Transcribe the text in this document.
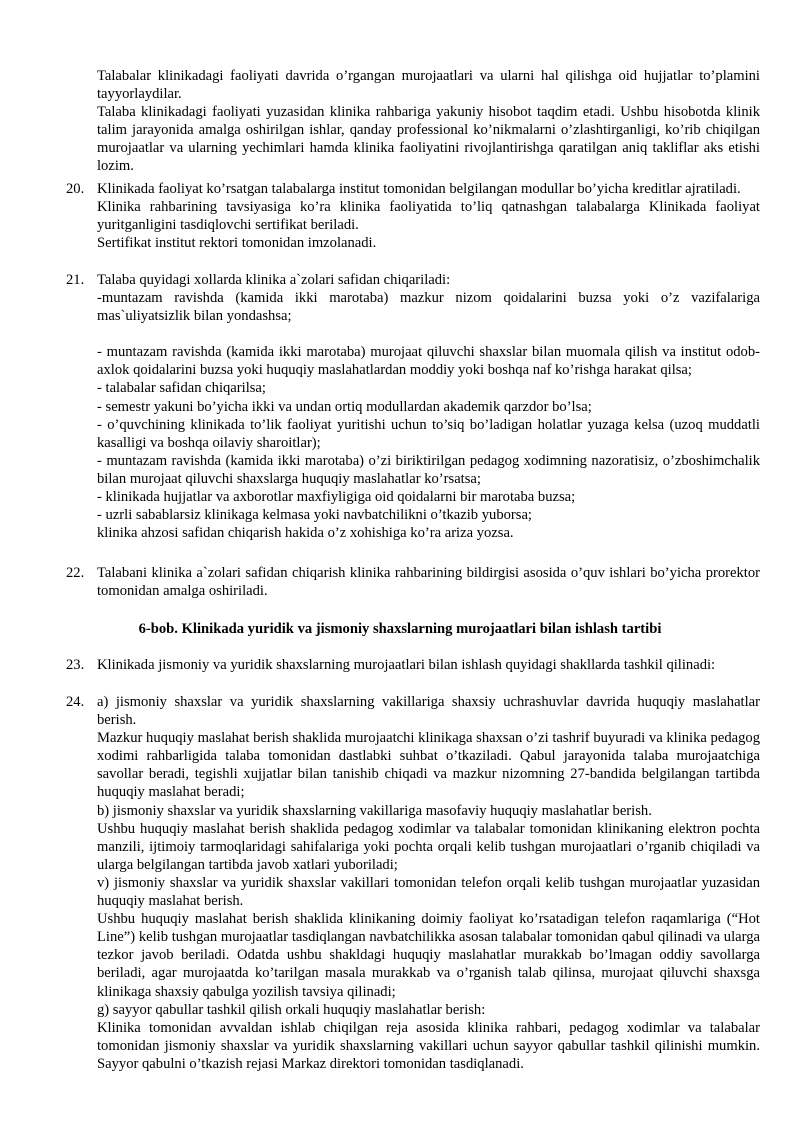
Talabalar klinikadagi faoliyati davrida o’rgangan murojaatlari va ularni hal qilishga oid hujjatlar to’plamini tayyorlaydilar.
Talaba klinikadagi faoliyati yuzasidan klinika rahbariga yakuniy hisobot taqdim etadi. Ushbu hisobotda klinik talim jarayonida amalga oshirilgan ishlar, qanday professional ko’nikmalarni o’zlashtirganligi, ko’rib chiqilgan murojaatlar va ularning yechimlari hamda klinika faoliyatini rivojlantirishga qaratilgan aniq takliflar aks etishi lozim.
20. Klinikada faoliyat ko’rsatgan talabalarga institut tomonidan belgilangan modullar bo’yicha kreditlar ajratiladi.
Klinika rahbarining tavsiyasiga ko’ra klinika faoliyatida to’liq qatnashgan talabalarga Klinikada faoliyat yuritganligini tasdiqlovchi sertifikat beriladi.
Sertifikat institut rektori tomonidan imzolanadi.
21. Talaba quyidagi xollarda klinika a`zolari safidan chiqariladi:
-muntazam ravishda (kamida ikki marotaba) mazkur nizom qoidalarini buzsa yoki o’z vazifalariga mas`uliyatsizlik bilan yondashsa;
- muntazam ravishda (kamida ikki marotaba) murojaat qiluvchi shaxslar bilan muomala qilish va institut odob-axlok qoidalarini buzsa yoki huquqiy maslahatlardan moddiy yoki boshqa naf ko’rishga harakat qilsa;
- talabalar safidan chiqarilsa;
- semestr yakuni bo’yicha ikki va undan ortiq modullardan akademik qarzdor bo’lsa;
- o’quvchining klinikada to’lik faoliyat yuritishi uchun to’siq bo’ladigan holatlar yuzaga kelsa (uzoq muddatli kasalligi va boshqa oilaviy sharoitlar);
- muntazam ravishda (kamida ikki marotaba) o’zi biriktirilgan pedagog xodimning nazoratisiz, o’zboshimchalik bilan murojaat qiluvchi shaxslarga huquqiy maslahatlar ko’rsatsa;
- klinikada hujjatlar va axborotlar maxfiyligiga oid qoidalarni bir marotaba buzsa;
- uzrli sabablarsiz klinikaga kelmasa yoki navbatchilikni o’tkazib yuborsa;
klinika ahzosi safidan chiqarish hakida o’z xohishiga ko’ra ariza yozsa.
22. Talabani klinika a`zolari safidan chiqarish klinika rahbarining bildirgisi asosida o’quv ishlari bo’yicha prorektor tomonidan amalga oshiriladi.
6-bob. Klinikada yuridik va jismoniy shaxslarning murojaatlari bilan ishlash tartibi
23. Klinikada jismoniy va yuridik shaxslarning murojaatlari bilan ishlash quyidagi shakllarda tashkil qilinadi:
24. a) jismoniy shaxslar va yuridik shaxslarning vakillariga shaxsiy uchrashuvlar davrida huquqiy maslahatlar berish.
Mazkur huquqiy maslahat berish shaklida murojaatchi klinikaga shaxsan o’zi tashrif buyuradi va klinika pedagog xodimi rahbarligida talaba tomonidan dastlabki suhbat o’tkaziladi. Qabul jarayonida talaba murojaatchiga savollar beradi, tegishli xujjatlar bilan tanishib chiqadi va mazkur nizomning 27-bandida belgilangan tartibda huquqiy maslahat beradi;
b) jismoniy shaxslar va yuridik shaxslarning vakillariga masofaviy huquqiy maslahatlar berish.
Ushbu huquqiy maslahat berish shaklida pedagog xodimlar va talabalar tomonidan klinikaning elektron pochta manzili, ijtimoiy tarmoqlaridagi sahifalariga yoki pochta orqali kelib tushgan murojaatlari o’rganib chiqiladi va ularga belgilangan tartibda javob xatlari yuboriladi;
v) jismoniy shaxslar va yuridik shaxslar vakillari tomonidan telefon orqali kelib tushgan murojaatlar yuzasidan huquqiy maslahat berish.
Ushbu huquqiy maslahat berish shaklida klinikaning doimiy faoliyat ko’rsatadigan telefon raqamlariga (“Hot Line”) kelib tushgan murojaatlar tasdiqlangan navbatchilikka asosan talabalar tomonidan qabul qilinadi va ularga tezkor javob beriladi. Odatda ushbu shakldagi huquqiy maslahatlar murakkab bo’lmagan oddiy savollarga beriladi, agar murojaatda ko’tarilgan masala murakkab va o’rganish talab qilinsa, murojaat qiluvchi shaxsga klinikaga shaxsiy qabulga yozilish tavsiya qilinadi;
g) sayyor qabullar tashkil qilish orkali huquqiy maslahatlar berish:
Klinika tomonidan avvaldan ishlab chiqilgan reja asosida klinika rahbari, pedagog xodimlar va talabalar tomonidan jismoniy shaxslar va yuridik shaxslarning vakillari uchun sayyor qabullar tashkil qilinishi mumkin. Sayyor qabulni o’tkazish rejasi Markaz direktori tomonidan tasdiqlanadi.
